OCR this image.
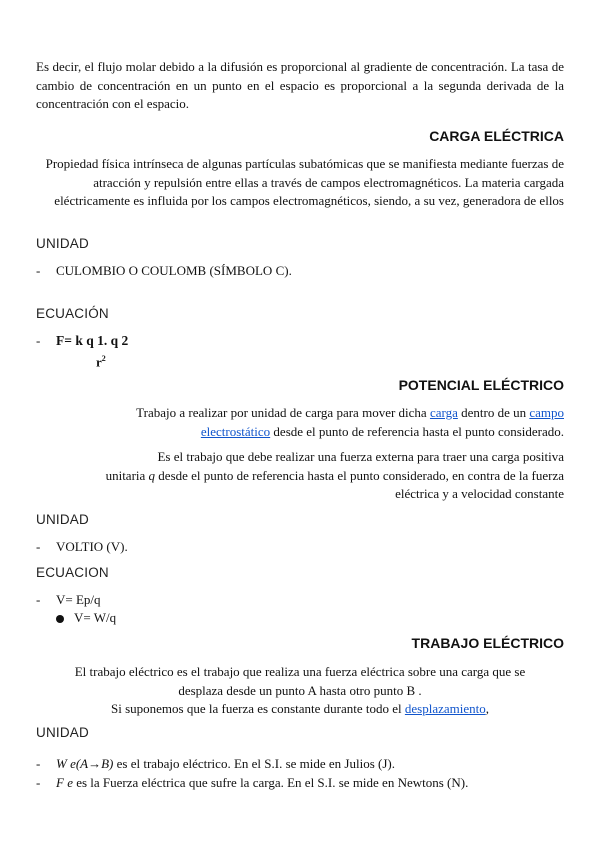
Es decir, el flujo molar debido a la difusión es proporcional al gradiente de concentración. La tasa de cambio de concentración en un punto en el espacio es proporcional a la segunda derivada de la concentración con el espacio.

CARGA ELÉCTRICA

Propiedad física intrínseca de algunas partículas subatómicas que se manifiesta mediante fuerzas de atracción y repulsión entre ellas a través de campos electromagnéticos. La materia cargada eléctricamente es influida por los campos electromagnéticos, siendo, a su vez, generadora de ellos

UNIDAD

- CULOMBIO O COULOMB (SÍMBOLO C).

ECUACIÓN

- F= k q 1. q 2
$r^2$

POTENCIAL ELÉCTRICO

Trabajo a realizar por unidad de carga para mover dicha carga dentro de un campo
electrostático desde el punto de referencia hasta el punto considerado.

Es el trabajo que debe realizar una fuerza externa para traer una carga positiva
unitaria q desde el punto de referencia hasta el punto considerado, en contra de la fuerza
eléctrica y a velocidad constante

UNIDAD

- VOLTIO (V).

ECUACION

- V= Ep/q
V= W/q

TRABAJO ELÉCTRICO

El trabajo eléctrico es el trabajo que realiza una fuerza eléctrica sobre una carga que se
desplaza desde un punto A hasta otro punto B .
Si suponemos que la fuerza es constante durante todo el desplazamiento,

UNIDAD

- W e(A→B) es el trabajo eléctrico. En el S.I. se mide en Julios (J).
- F e es la Fuerza eléctrica que sufre la carga. En el S.I. se mide en Newtons (N).
